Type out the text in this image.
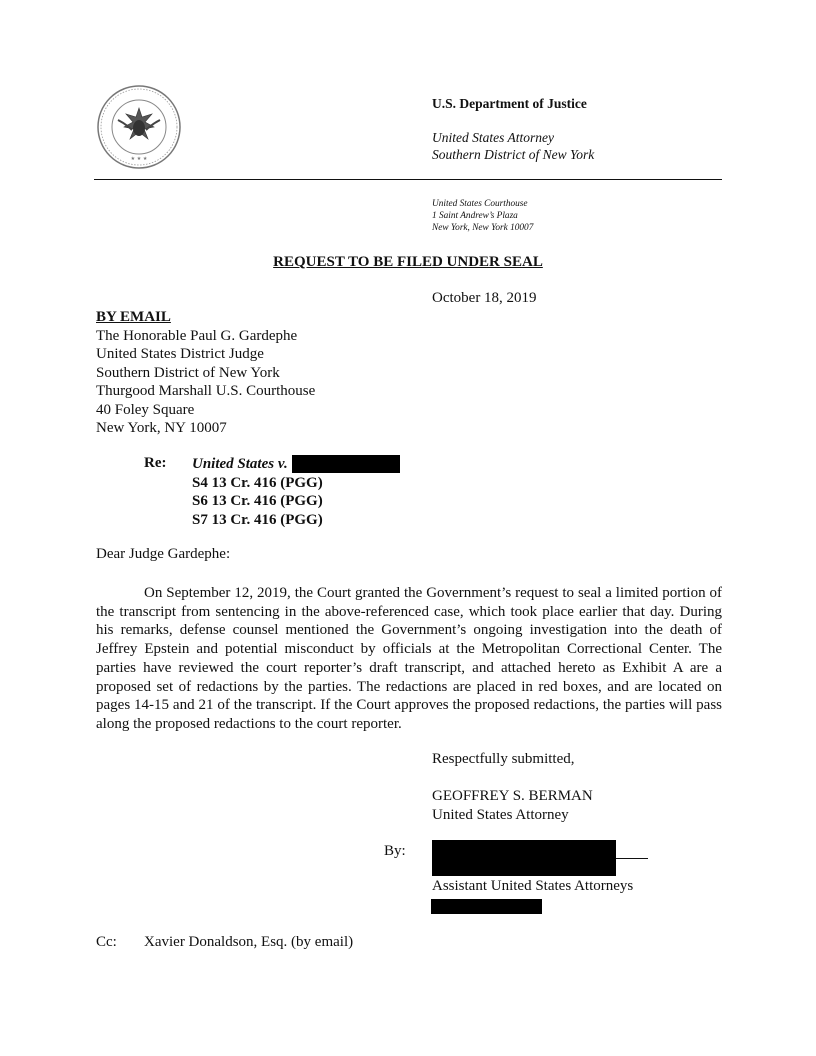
★ ★ ★
U.S. Department of Justice
United States Attorney
Southern District of New York
United States Courthouse
1 Saint Andrew’s Plaza
New York, New York 10007
REQUEST TO BE FILED UNDER SEAL
October 18, 2019
BY EMAIL
The Honorable Paul G. Gardephe
United States District Judge
Southern District of New York
Thurgood Marshall U.S. Courthouse
40 Foley Square
New York, NY 10007
Re: United States v.
S4 13 Cr. 416 (PGG)
S6 13 Cr. 416 (PGG)
S7 13 Cr. 416 (PGG)
Dear Judge Gardephe:
On September 12, 2019, the Court granted the Government’s request to seal a limited portion of the transcript from sentencing in the above-referenced case, which took place earlier that day. During his remarks, defense counsel mentioned the Government’s ongoing investigation into the death of Jeffrey Epstein and potential misconduct by officials at the Metropolitan Correctional Center. The parties have reviewed the court reporter’s draft transcript, and attached hereto as Exhibit A are a proposed set of redactions by the parties. The redactions are placed in red boxes, and are located on pages 14-15 and 21 of the transcript. If the Court approves the proposed redactions, the parties will pass along the proposed redactions to the court reporter.
Respectfully submitted,
GEOFFREY S. BERMAN
United States Attorney
By:
Assistant United States Attorneys
Cc: Xavier Donaldson, Esq. (by email)
